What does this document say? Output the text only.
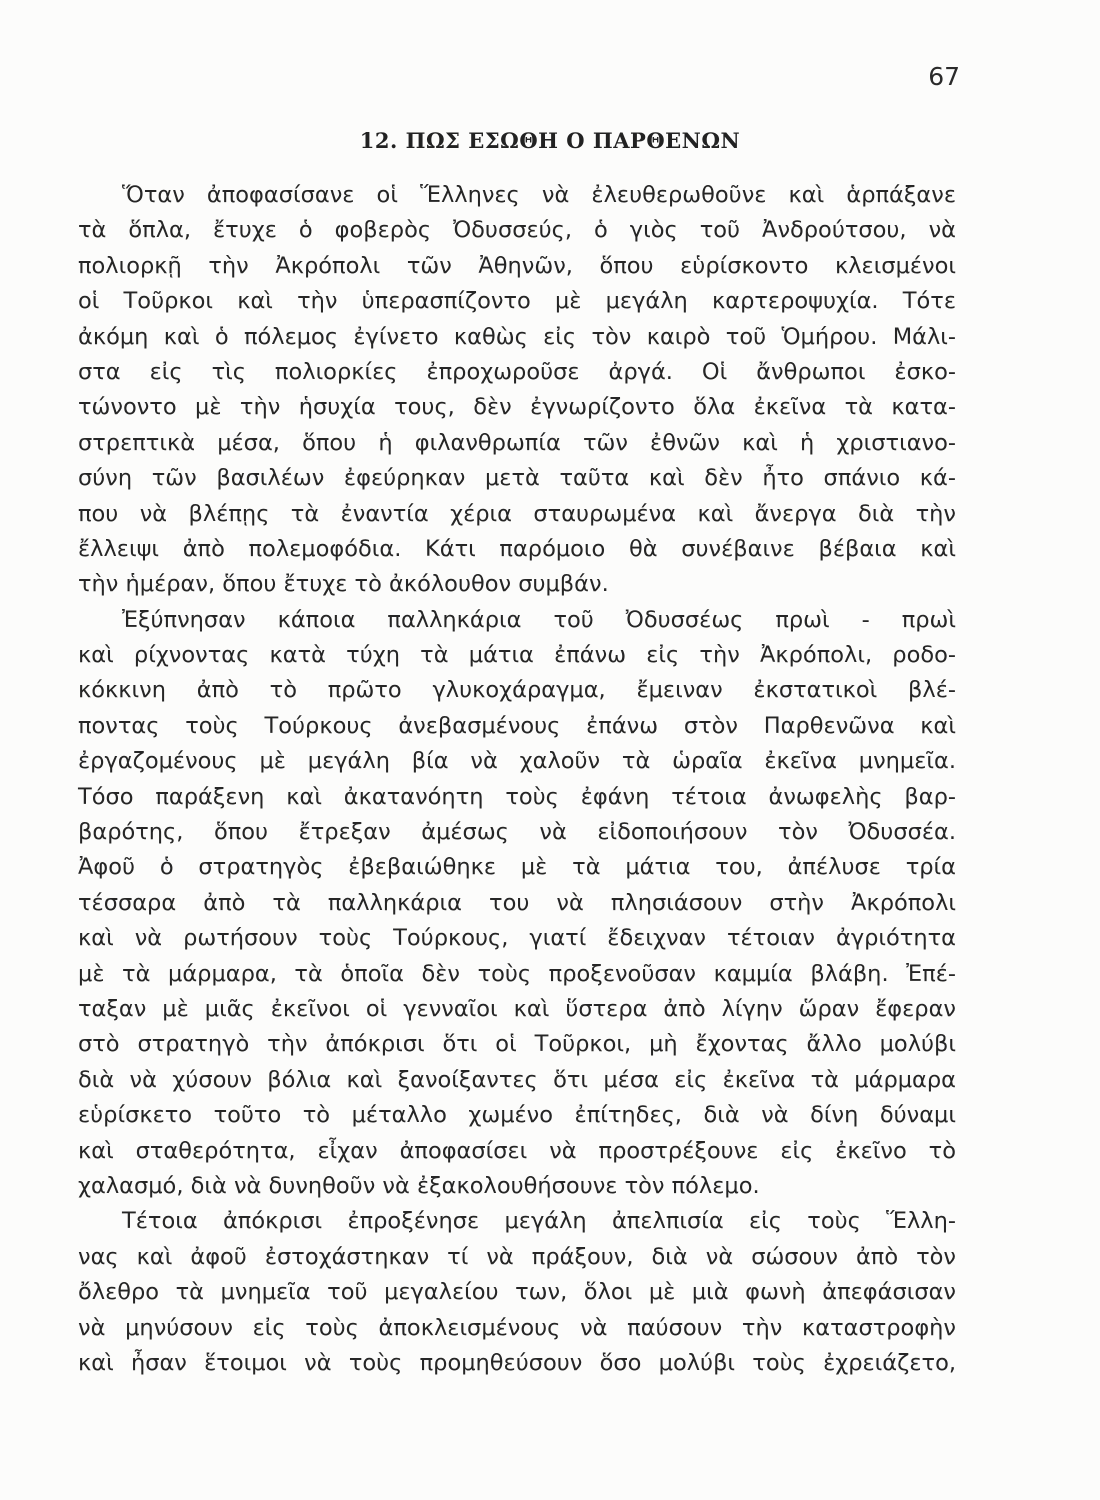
67
12. ΠΩΣ ΕΣΩΘΗ Ο ΠΑΡΘΕΝΩΝ
Ὅταν ἀποφασίσανε οἱ Ἕλληνες νὰ ἐλευθερωθοῦνε καὶ ἁρπάξανε
τὰ ὅπλα, ἔτυχε ὁ φοβερὸς Ὀδυσσεύς, ὁ γιὸς τοῦ Ἀνδρούτσου, νὰ
πολιορκῇ τὴν Ἀκρόπολι τῶν Ἀθηνῶν, ὅπου εὑρίσκοντο κλεισμένοι
οἱ Τοῦρκοι καὶ τὴν ὑπερασπίζοντο μὲ μεγάλη καρτεροψυχία. Τότε
ἀκόμη καὶ ὁ πόλεμος ἐγίνετο καθὼς εἰς τὸν καιρὸ τοῦ Ὁμήρου. Μάλι-
στα εἰς τὶς πολιορκίες ἐπροχωροῦσε ἀργά. Οἱ ἄνθρωποι ἐσκο-
τώνοντο μὲ τὴν ἡσυχία τους, δὲν ἐγνωρίζοντο ὅλα ἐκεῖνα τὰ κατα-
στρεπτικὰ μέσα, ὅπου ἡ φιλανθρωπία τῶν ἐθνῶν καὶ ἡ χριστιανο-
σύνη τῶν βασιλέων ἐφεύρηκαν μετὰ ταῦτα καὶ δὲν ἦτο σπάνιο κά-
που νὰ βλέπῃς τὰ ἐναντία χέρια σταυρωμένα καὶ ἄνεργα διὰ τὴν
ἔλλειψι ἀπὸ πολεμοφόδια. Κάτι παρόμοιο θὰ συνέβαινε βέβαια καὶ
τὴν ἡμέραν, ὅπου ἔτυχε τὸ ἀκόλουθον συμβάν.
Ἐξύπνησαν κάποια παλληκάρια τοῦ Ὀδυσσέως πρωὶ - πρωὶ
καὶ ρίχνοντας κατὰ τύχη τὰ μάτια ἐπάνω εἰς τὴν Ἀκρόπολι, ροδο-
κόκκινη ἀπὸ τὸ πρῶτο γλυκοχάραγμα, ἔμειναν ἐκστατικοὶ βλέ-
ποντας τοὺς Τούρκους ἀνεβασμένους ἐπάνω στὸν Παρθενῶνα καὶ
ἐργαζομένους μὲ μεγάλη βία νὰ χαλοῦν τὰ ὡραῖα ἐκεῖνα μνημεῖα.
Τόσο παράξενη καὶ ἀκατανόητη τοὺς ἐφάνη τέτοια ἀνωφελὴς βαρ-
βαρότης, ὅπου ἔτρεξαν ἀμέσως νὰ εἰδοποιήσουν τὸν Ὀδυσσέα.
Ἀφοῦ ὁ στρατηγὸς ἐβεβαιώθηκε μὲ τὰ μάτια του, ἀπέλυσε τρία
τέσσαρα ἀπὸ τὰ παλληκάρια του νὰ πλησιάσουν στὴν Ἀκρόπολι
καὶ νὰ ρωτήσουν τοὺς Τούρκους, γιατί ἔδειχναν τέτοιαν ἀγριότητα
μὲ τὰ μάρμαρα, τὰ ὁποῖα δὲν τοὺς προξενοῦσαν καμμία βλάβη. Ἐπέ-
ταξαν μὲ μιᾶς ἐκεῖνοι οἱ γενναῖοι καὶ ὕστερα ἀπὸ λίγην ὥραν ἔφεραν
στὸ στρατηγὸ τὴν ἀπόκρισι ὅτι οἱ Τοῦρκοι, μὴ ἔχοντας ἄλλο μολύβι
διὰ νὰ χύσουν βόλια καὶ ξανοίξαντες ὅτι μέσα εἰς ἐκεῖνα τὰ μάρμαρα
εὑρίσκετο τοῦτο τὸ μέταλλο χωμένο ἐπίτηδες, διὰ νὰ δίνη δύναμι
καὶ σταθερότητα, εἶχαν ἀποφασίσει νὰ προστρέξουνε εἰς ἐκεῖνο τὸ
χαλασμό, διὰ νὰ δυνηθοῦν νὰ ἐξακολουθήσουνε τὸν πόλεμο.
Τέτοια ἀπόκρισι ἐπροξένησε μεγάλη ἀπελπισία εἰς τοὺς Ἕλλη-
νας καὶ ἀφοῦ ἐστοχάστηκαν τί νὰ πράξουν, διὰ νὰ σώσουν ἀπὸ τὸν
ὄλεθρο τὰ μνημεῖα τοῦ μεγαλείου των, ὅλοι μὲ μιὰ φωνὴ ἀπεφάσισαν
νὰ μηνύσουν εἰς τοὺς ἀποκλεισμένους νὰ παύσουν τὴν καταστροφὴν
καὶ ἦσαν ἕτοιμοι νὰ τοὺς προμηθεύσουν ὅσο μολύβι τοὺς ἐχρειάζετο,
